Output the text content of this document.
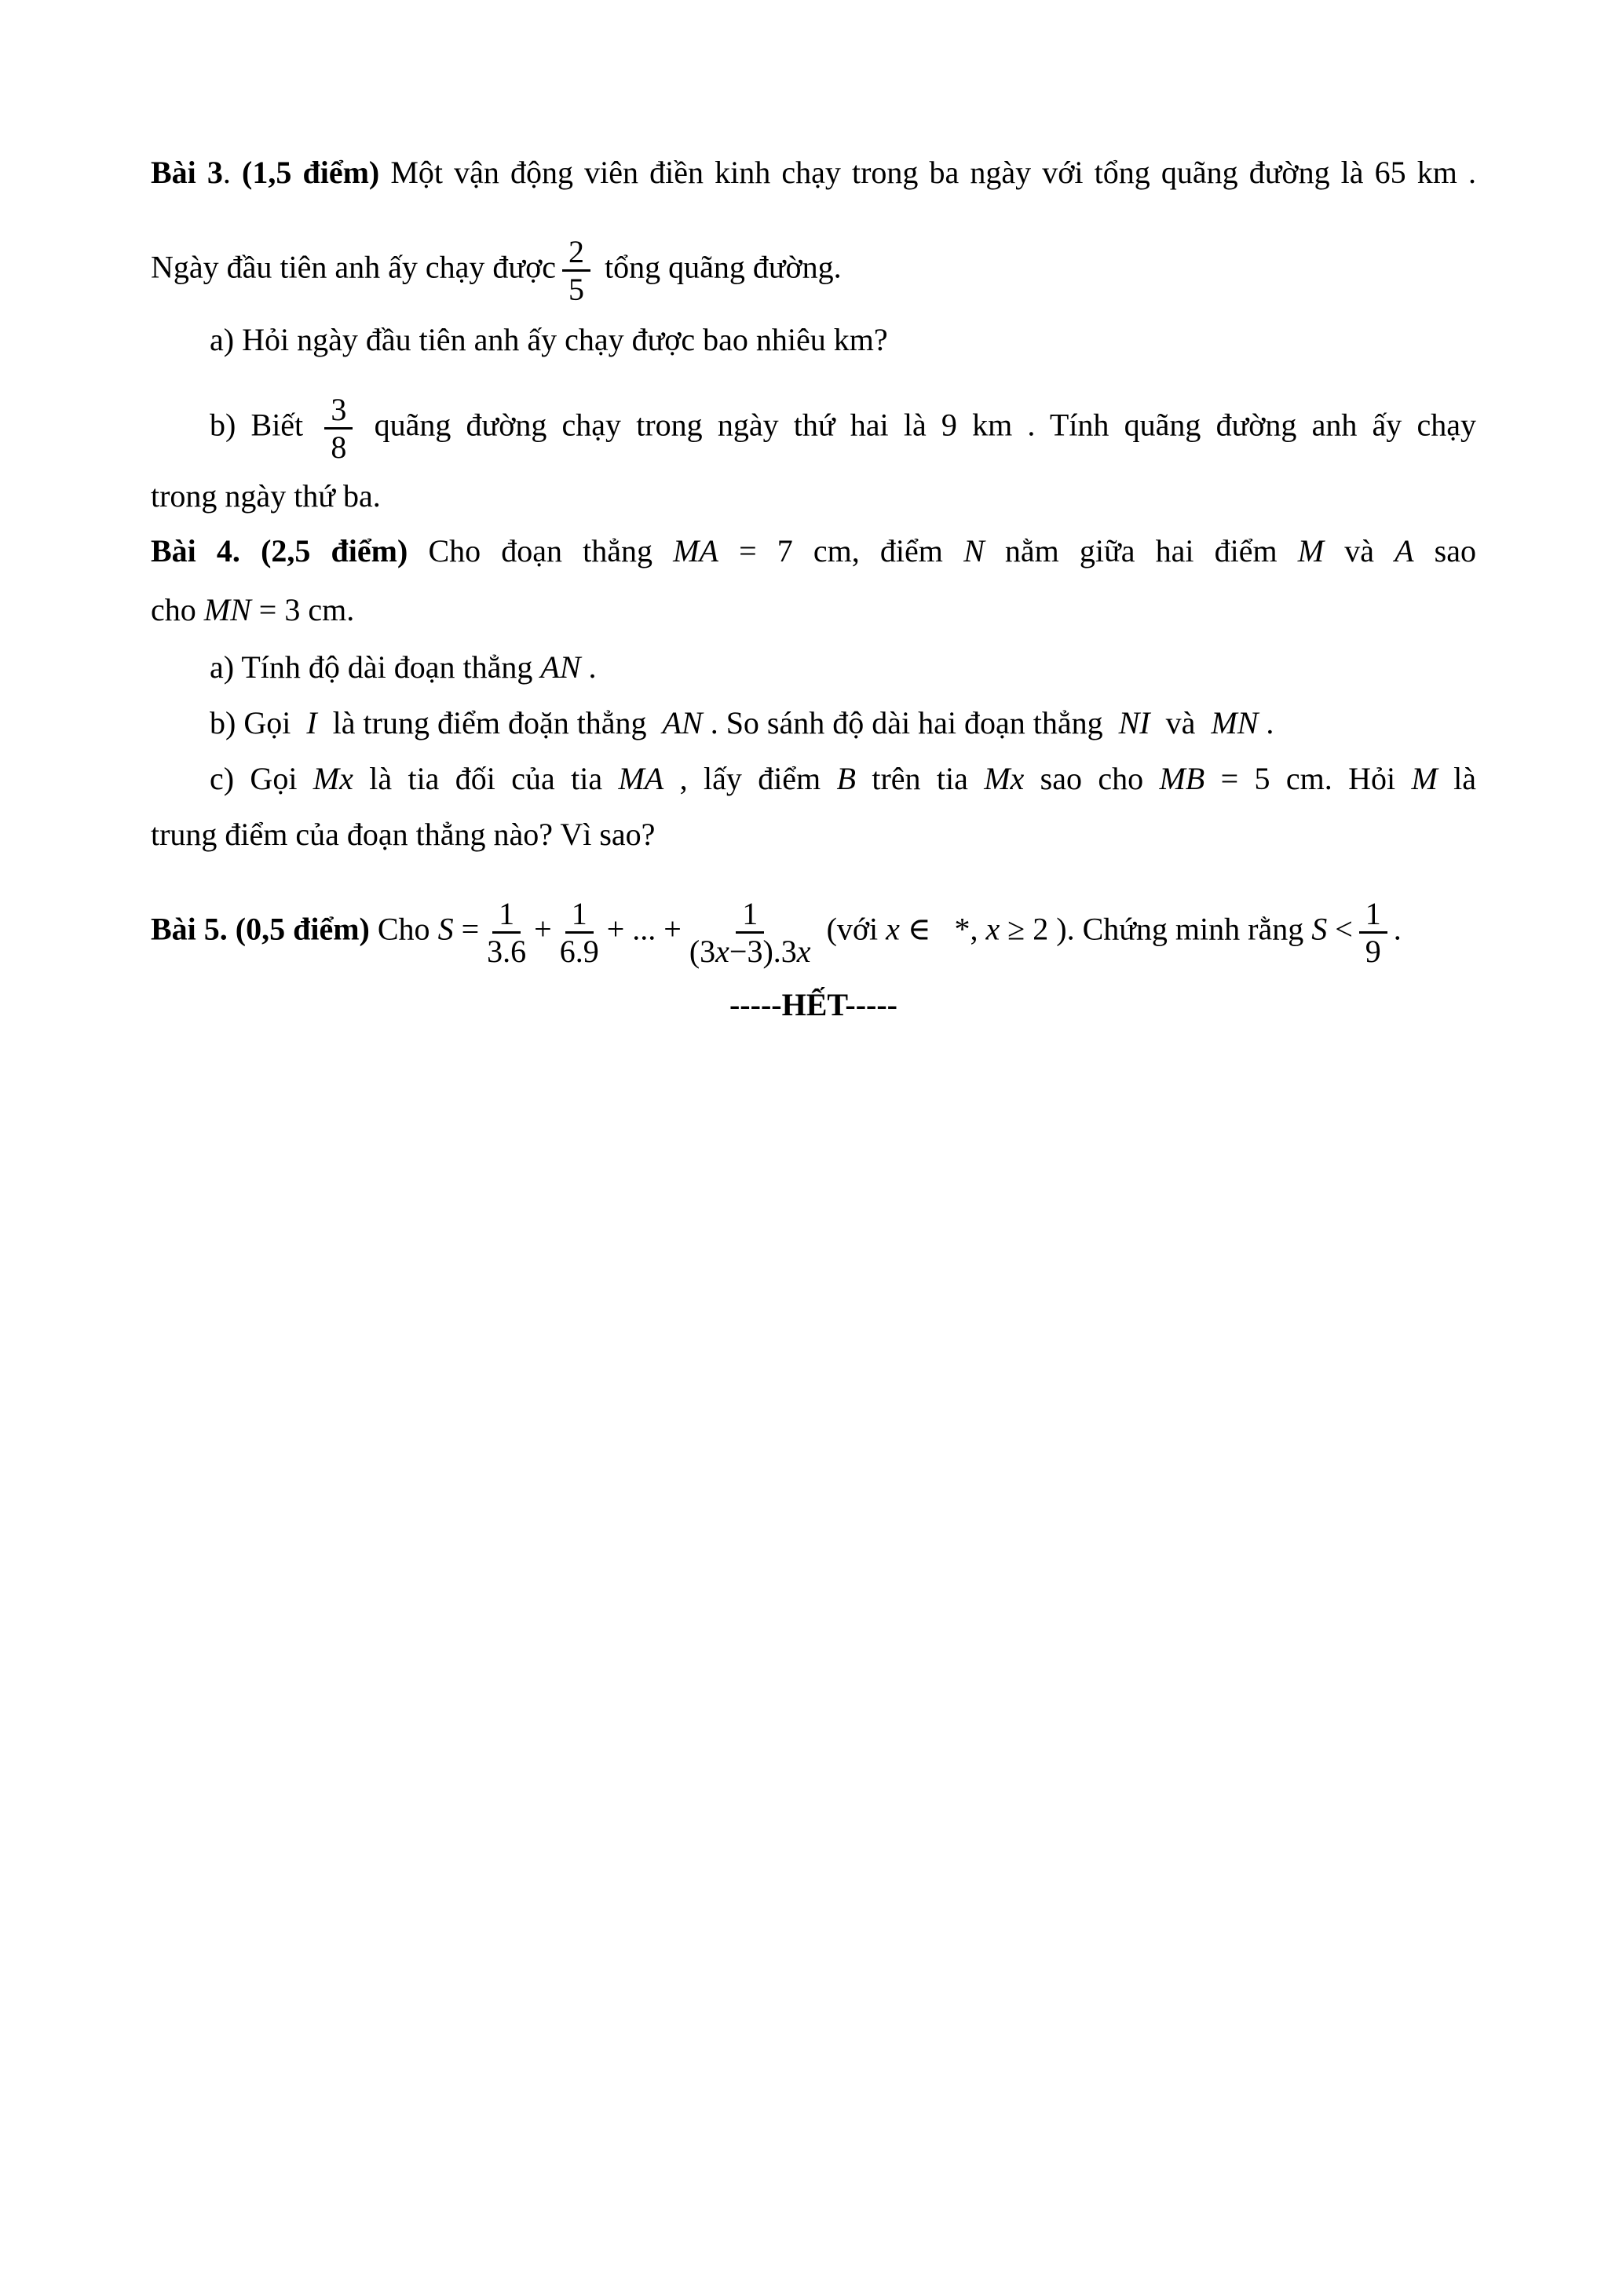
Bài 3. (1,5 điểm) Một vận động viên điền kinh chạy trong ba ngày với tổng quãng đường là 65 km .
Ngày đầu tiên anh ấy chạy được $\frac{2}{5}$ tổng quãng đường.
a) Hỏi ngày đầu tiên anh ấy chạy được bao nhiêu km?
b) Biết $\frac{3}{8}$ quãng đường chạy trong ngày thứ hai là 9 km . Tính quãng đường anh ấy chạy
trong ngày thứ ba.
Bài 4. (2,5 điểm) Cho đoạn thẳng MA = 7 cm, điểm N nằm giữa hai điểm M và A sao
cho MN = 3 cm.
a) Tính độ dài đoạn thẳng AN .
b) Gọi  I  là trung điểm đoặn thẳng  AN . So sánh độ dài hai đoạn thẳng  NI  và  MN .
c) Gọi Mx là tia đối của tia MA , lấy điểm B trên tia Mx sao cho MB = 5 cm. Hỏi M là
trung điểm của đoạn thẳng nào? Vì sao?
Bài 5. (0,5 điểm) Cho $S = \frac{1}{3.6} + \frac{1}{6.9}$ + ... + $\frac{1}{(3x-3).3x}$ (với x ∈   *, x ≥ 2 ). Chứng minh rằng $S < \frac{1}{9}$ .
-----HẾT-----
